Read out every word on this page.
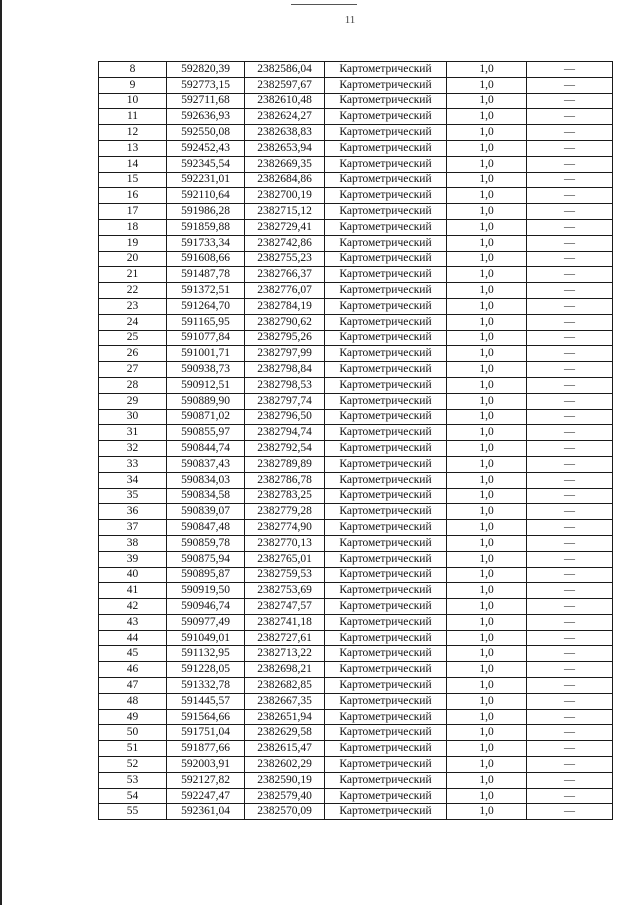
11
8	592820,39	2382586,04	Картометрический	1,0	—
9	592773,15	2382597,67	Картометрический	1,0	—
10	592711,68	2382610,48	Картометрический	1,0	—
11	592636,93	2382624,27	Картометрический	1,0	—
12	592550,08	2382638,83	Картометрический	1,0	—
13	592452,43	2382653,94	Картометрический	1,0	—
14	592345,54	2382669,35	Картометрический	1,0	—
15	592231,01	2382684,86	Картометрический	1,0	—
16	592110,64	2382700,19	Картометрический	1,0	—
17	591986,28	2382715,12	Картометрический	1,0	—
18	591859,88	2382729,41	Картометрический	1,0	—
19	591733,34	2382742,86	Картометрический	1,0	—
20	591608,66	2382755,23	Картометрический	1,0	—
21	591487,78	2382766,37	Картометрический	1,0	—
22	591372,51	2382776,07	Картометрический	1,0	—
23	591264,70	2382784,19	Картометрический	1,0	—
24	591165,95	2382790,62	Картометрический	1,0	—
25	591077,84	2382795,26	Картометрический	1,0	—
26	591001,71	2382797,99	Картометрический	1,0	—
27	590938,73	2382798,84	Картометрический	1,0	—
28	590912,51	2382798,53	Картометрический	1,0	—
29	590889,90	2382797,74	Картометрический	1,0	—
30	590871,02	2382796,50	Картометрический	1,0	—
31	590855,97	2382794,74	Картометрический	1,0	—
32	590844,74	2382792,54	Картометрический	1,0	—
33	590837,43	2382789,89	Картометрический	1,0	—
34	590834,03	2382786,78	Картометрический	1,0	—
35	590834,58	2382783,25	Картометрический	1,0	—
36	590839,07	2382779,28	Картометрический	1,0	—
37	590847,48	2382774,90	Картометрический	1,0	—
38	590859,78	2382770,13	Картометрический	1,0	—
39	590875,94	2382765,01	Картометрический	1,0	—
40	590895,87	2382759,53	Картометрический	1,0	—
41	590919,50	2382753,69	Картометрический	1,0	—
42	590946,74	2382747,57	Картометрический	1,0	—
43	590977,49	2382741,18	Картометрический	1,0	—
44	591049,01	2382727,61	Картометрический	1,0	—
45	591132,95	2382713,22	Картометрический	1,0	—
46	591228,05	2382698,21	Картометрический	1,0	—
47	591332,78	2382682,85	Картометрический	1,0	—
48	591445,57	2382667,35	Картометрический	1,0	—
49	591564,66	2382651,94	Картометрический	1,0	—
50	591751,04	2382629,58	Картометрический	1,0	—
51	591877,66	2382615,47	Картометрический	1,0	—
52	592003,91	2382602,29	Картометрический	1,0	—
53	592127,82	2382590,19	Картометрический	1,0	—
54	592247,47	2382579,40	Картометрический	1,0	—
55	592361,04	2382570,09	Картометрический	1,0	—
